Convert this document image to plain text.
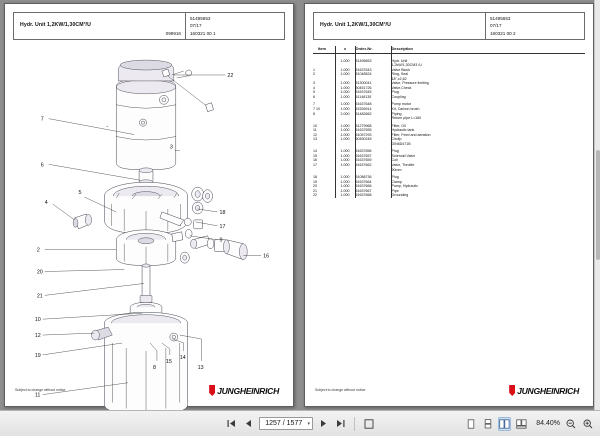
Hydr. Unit 1,2KW/1,30CM³/U
099916
51495653
07/17
160321 00 1
22
7
6
5
4
3
18
17
9
16
2
20
21
10
12
19
11
13
14
15
8
Subject to change without notice	JUNGHEINRICH
Hydr. Unit 1,2KW/1,30CM³/U
51495653
07/17
160321 00 2
Item	x	Order-Nr.	Description

	1.000	51495653	Hydr. Unit
			1,2kW/1,30CM3 /U
1	1.000	51637643	Valve Block
2	1.000	51048524	Ring, Seal
			18",x2,62
3	1.000	51300041	Valve, Pressure limiting
4	1.000	50451726	Valve,Check
5	1.000	51637645	Plug
6	1.000	51148135	Coupling

7	1.000	51637648	Pump motor
7 10	1.000	51526914	Kit, Carbon brush
8	2.000	51482662	Piping
			Return pipe L=160

10	1.000	51279968	Filter, Oil
11	1.000	51637655	Hydraulic tank
12	1.000	51057293	Filter, Feed and aeration
13	1.000	50450245	Circlip
			DIN6D471B

14	1.000	51637656	Plug
15	1.000	51637657	Solenoid Valve
16	1.000	51637659	Coil
17	1.000	51637662	Valve, Throttle
			90mm

18	1.000	51088736	Plug
19	1.000	51637664	Clamp
20	1.000	51637666	Pump, Hydraulic
21	1.000	51637667	Pipe
22	1.000	51637668	Grounding
Subject to change without notice	JUNGHEINRICH
1257 / 1577	▾	84.40%
